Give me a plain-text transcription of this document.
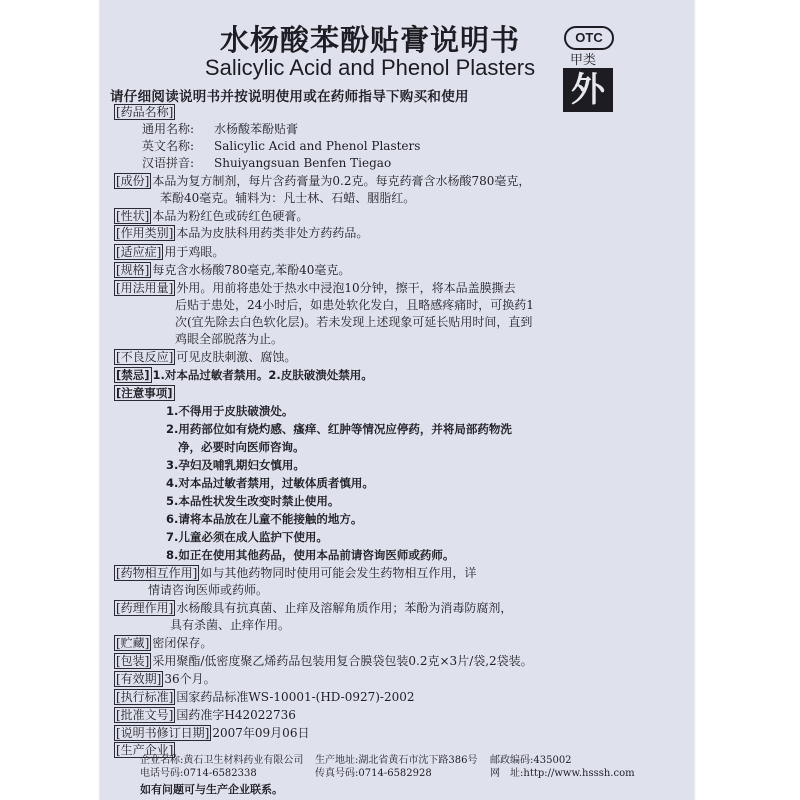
水杨酸苯酚贴膏说明书
Salicylic Acid and Phenol Plasters
OTC
甲类
外
请仔细阅读说明书并按说明使用或在药师指导下购买和使用
[药品名称]
通用名称: 水杨酸苯酚贴膏
英文名称: Salicylic Acid and Phenol Plasters
汉语拼音: Shuiyangsuan Benfen Tiegao
[成份] 本品为复方制剂，每片含药膏量为0.2克。每克药膏含水杨酸780毫克，
苯酚40毫克。辅料为：凡士林、石蜡、胭脂红。
[性状] 本品为粉红色或砖红色硬膏。
[作用类别] 本品为皮肤科用药类非处方药药品。
[适应症] 用于鸡眼。
[规格] 每克含水杨酸780毫克,苯酚40毫克。
[用法用量] 外用。用前将患处于热水中浸泡10分钟，擦干，将本品盖膜撕去
后贴于患处，24小时后，如患处软化发白，且略感疼痛时，可换药1
次(宜先除去白色软化层)。若未发现上述现象可延长贴用时间，直到
鸡眼全部脱落为止。
[不良反应] 可见皮肤刺激、腐蚀。
[禁忌] 1.对本品过敏者禁用。2.皮肤破溃处禁用。
[注意事项]
1.不得用于皮肤破溃处。
2.用药部位如有烧灼感、瘙痒、红肿等情况应停药，并将局部药物洗
净，必要时向医师咨询。
3.孕妇及哺乳期妇女慎用。
4.对本品过敏者禁用，过敏体质者慎用。
5.本品性状发生改变时禁止使用。
6.请将本品放在儿童不能接触的地方。
7.儿童必须在成人监护下使用。
8.如正在使用其他药品，使用本品前请咨询医师或药师。
[药物相互作用] 如与其他药物同时使用可能会发生药物相互作用，详
情请咨询医师或药师。
[药理作用] 水杨酸具有抗真菌、止痒及溶解角质作用；苯酚为消毒防腐剂，
具有杀菌、止痒作用。
[贮藏] 密闭保存。
[包装] 采用聚酯/低密度聚乙烯药品包装用复合膜袋包装0.2克×3片/袋,2袋装。
[有效期] 36个月。
[执行标准] 国家药品标准WS-10001-(HD-0927)-2002
[批准文号] 国药准字H42022736
[说明书修订日期] 2007年09月06日
[生产企业]
企业名称:黄石卫生材料药业有限公司 生产地址:湖北省黄石市沈下路386号 邮政编码:435002
电话号码:0714-6582338	传真号码:0714-6582928	网　址:http://www.hsssh.com
如有问题可与生产企业联系。
